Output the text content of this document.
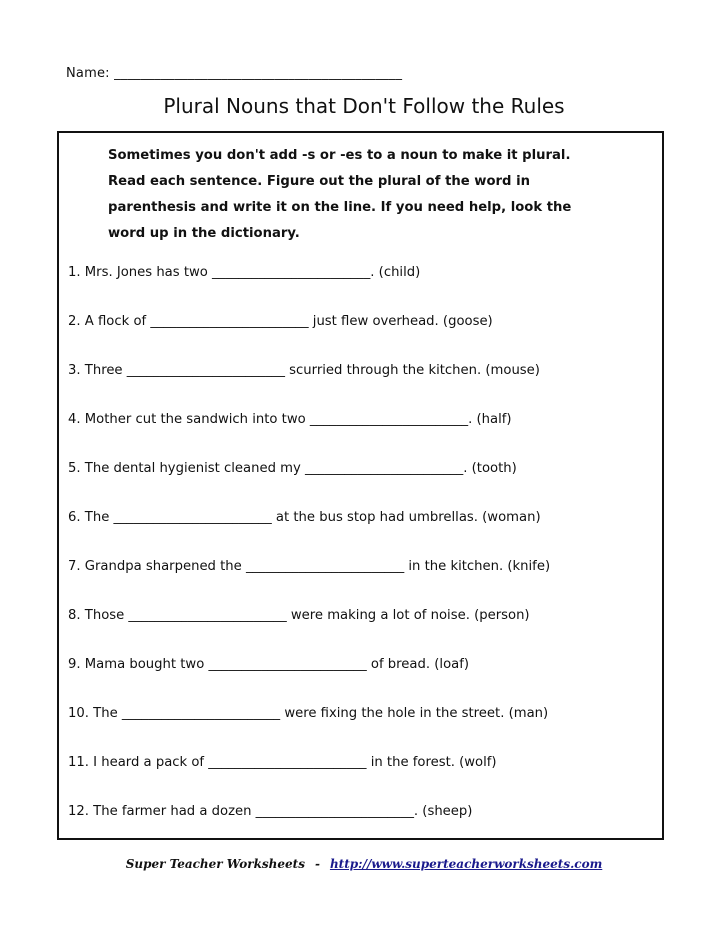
Name: ___________________________________________
Plural Nouns that Don't Follow the Rules
Sometimes you don't add -s or -es to a noun to make it plural.
Read each sentence. Figure out the plural of the word in
parenthesis and write it on the line. If you need help, look the
word up in the dictionary.
1. Mrs. Jones has two ________________________. (child)
2. A flock of ________________________ just flew overhead. (goose)
3. Three ________________________ scurried through the kitchen. (mouse)
4. Mother cut the sandwich into two ________________________. (half)
5. The dental hygienist cleaned my ________________________. (tooth)
6. The ________________________ at the bus stop had umbrellas. (woman)
7. Grandpa sharpened the ________________________ in the kitchen. (knife)
8. Those ________________________ were making a lot of noise. (person)
9. Mama bought two ________________________ of bread. (loaf)
10. The ________________________ were fixing the hole in the street. (man)
11. I heard a pack of ________________________ in the forest. (wolf)
12. The farmer had a dozen ________________________. (sheep)
Super Teacher Worksheets - http://www.superteacherworksheets.com
